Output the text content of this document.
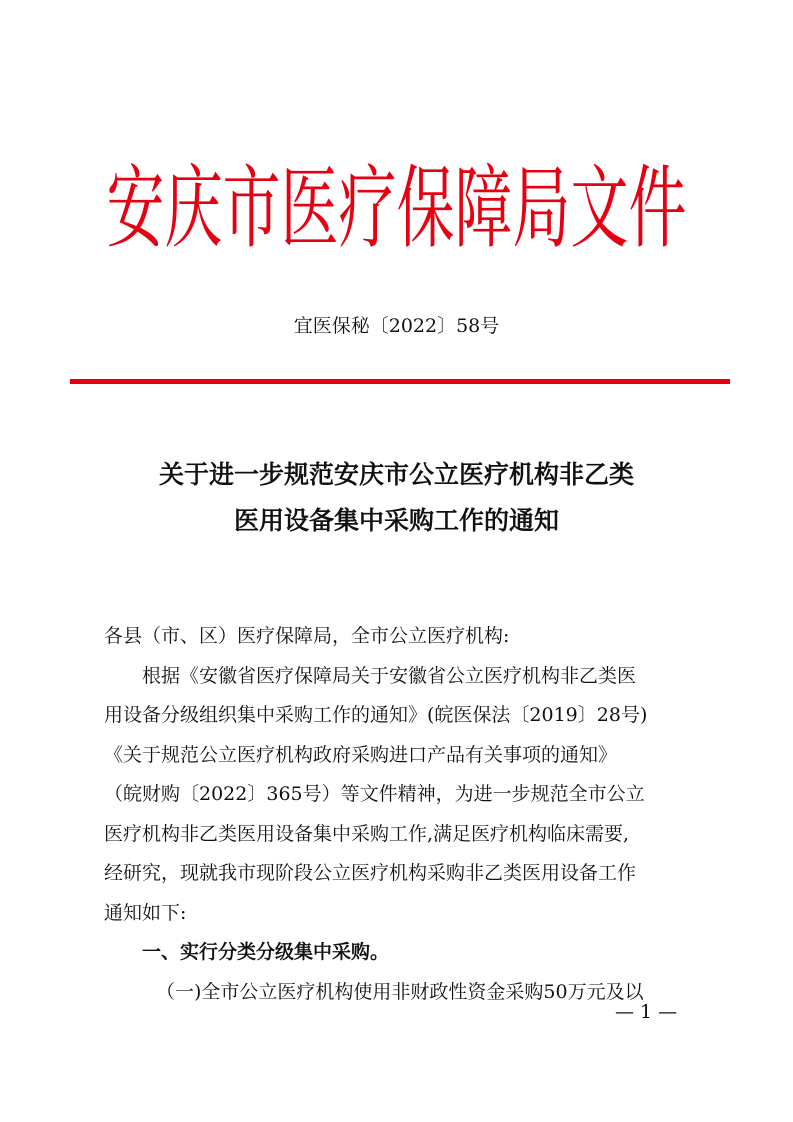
安庆市医疗保障局文件
宜医保秘〔2022〕58号
关于进一步规范安庆市公立医疗机构非乙类
医用设备集中采购工作的通知
各县（市、区）医疗保障局，全市公立医疗机构:
根据《安徽省医疗保障局关于安徽省公立医疗机构非乙类医
用设备分级组织集中采购工作的通知》(皖医保法〔2019〕28号)
《关于规范公立医疗机构政府采购进口产品有关事项的通知》
（皖财购〔2022〕365号）等文件精神，为进一步规范全市公立
医疗机构非乙类医用设备集中采购工作,满足医疗机构临床需要,
经研究，现就我市现阶段公立医疗机构采购非乙类医用设备工作
通知如下:
一、实行分类分级集中采购。
（一)全市公立医疗机构使用非财政性资金采购50万元及以
— 1 —
